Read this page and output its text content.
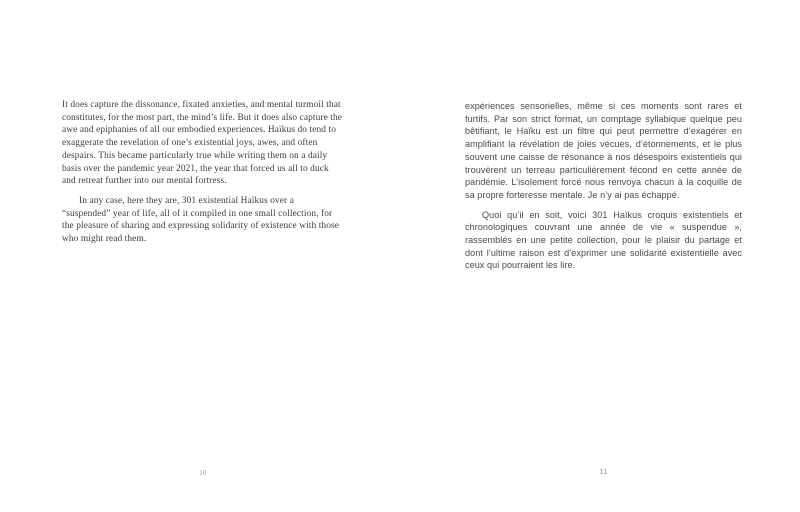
It does capture the dissonance, fixated anxieties, and mental turmoil that constitutes, for the most part, the mind’s life. But it does also capture the awe and epiphanies of all our embodied experiences. Haïkus do tend to exaggerate the revelation of one’s existential joys, awes, and often despairs. This became particularly true while writing them on a daily basis over the pandemic year 2021, the year that forced us all to duck and retreat further into our mental fortress.

In any case, here they are, 301 existential Haïkus over a “suspended” year of life, all of it compiled in one small collection, for the pleasure of sharing and expressing solidarity of existence with those who might read them.

expériences sensorielles, même si ces moments sont rares et furtifs. Par son strict format, un comptage syllabique quelque peu bêtifiant, le Haïku est un filtre qui peut permettre d’exagérer en amplifiant la révélation de joies vécues, d’étonnements, et le plus souvent une caisse de résonance à nos désespoirs existentiels qui trouvèrent un terreau particulièrement fécond en cette année de pandémie. L’isolement forcé nous renvoya chacun à la coquille de sa propre forteresse mentale. Je n’y ai pas échappé.

Quoi qu’il en soit, voici 301 Haïkus croquis existentiels et chronologiques couvrant une année de vie « suspendue », rassemblés en une petite collection, pour le plaisir du partage et dont l’ultime raison est d’exprimer une solidarité existentielle avec ceux qui pourraient les lire.

10	11
